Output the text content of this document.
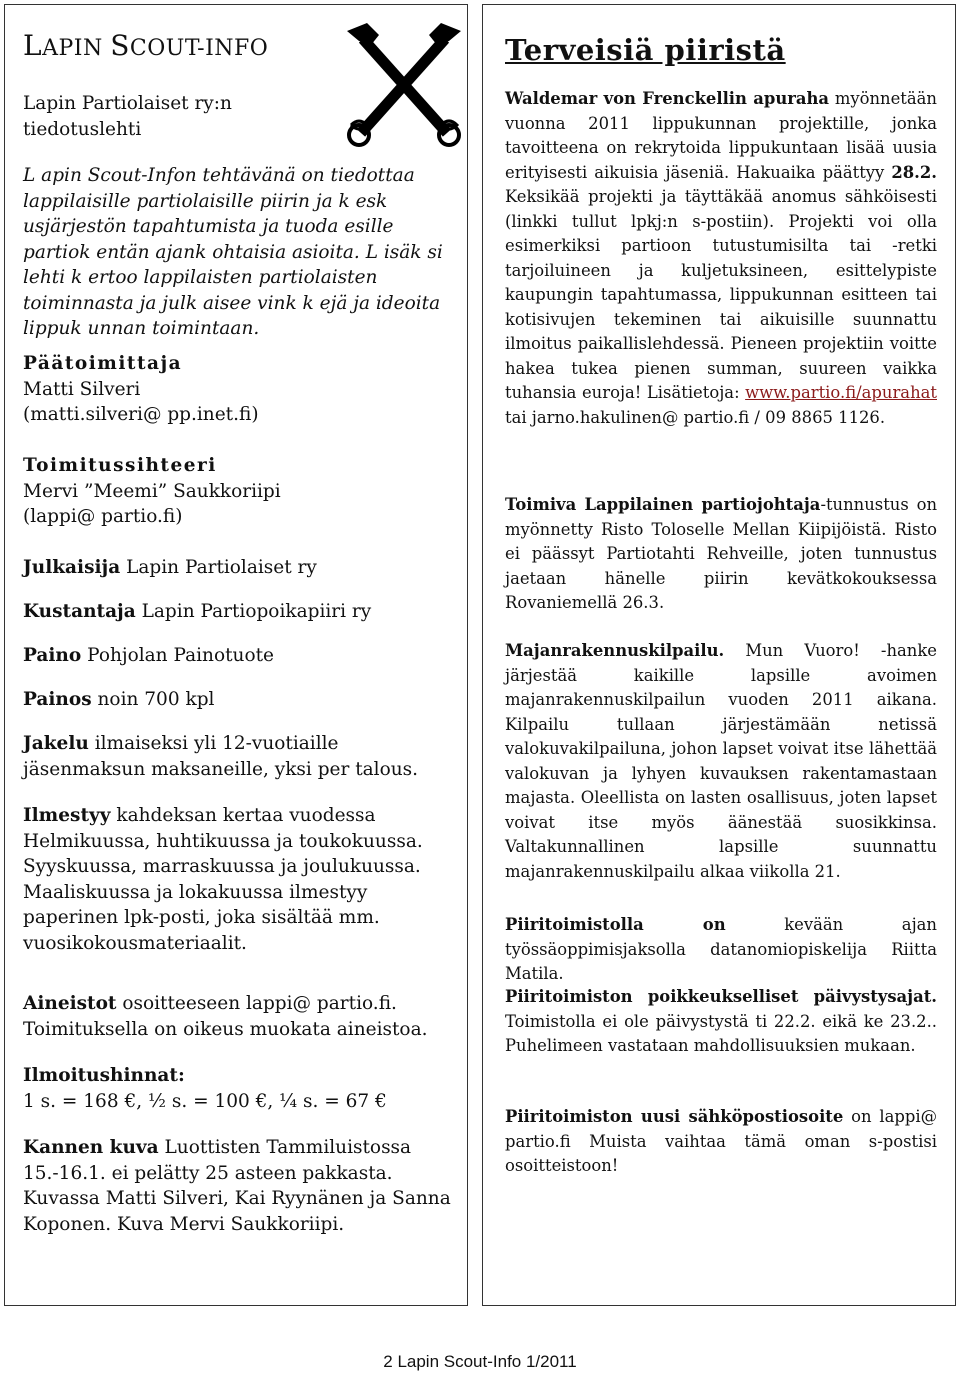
LAPIN SCOUT-INFO
Lapin Partiolaiset ry:n tiedotuslehti
L apin Scout-Infon tehtävänä on tiedottaa lappilaisille partiolaisille piirin ja k esk usjärjestön tapahtumista ja tuoda esille partiok entän ajank ohtaisia asioita. L isäk si lehti k ertoo lappilaisten partiolaisten toiminnasta ja julk aisee vink k ejä ja ideoita lippuk unnan toimintaan.
Päätoimittaja
Matti Silveri
(matti.silveri@ pp.inet.fi)
Toimitussihteeri
Mervi ”Meemi” Saukkoriipi
(lappi@ partio.fi)
Julkaisija Lapin Partiolaiset ry
Kustantaja Lapin Partiopoikapiiri ry
Paino Pohjolan Painotuote
Painos noin 700 kpl
Jakelu ilmaiseksi yli 12-vuotiaille jäsenmaksun maksaneille, yksi per talous.
Ilmestyy kahdeksan kertaa vuodessa
Helmikuussa, huhtikuussa ja toukokuussa.
Syyskuussa, marraskuussa ja joulukuussa.
Maaliskuussa ja lokakuussa ilmestyy paperinen lpk-posti, joka sisältää mm. vuosikokousmateriaalit.
Aineistot osoitteeseen lappi@ partio.fi. Toimituksella on oikeus muokata aineistoa.
Ilmoitushinnat:
1 s. = 168 €, ½ s. = 100 €, ¼ s. = 67 €
Kannen kuva Luottisten Tammiluistossa 15.-16.1. ei pelätty 25 asteen pakkasta. Kuvassa Matti Silveri, Kai Ryynänen ja Sanna Koponen. Kuva Mervi Saukkoriipi.
Terveisiä piiristä
Waldemar von Frenckellin apuraha myönnetään vuonna 2011 lippukunnan projektille, jonka tavoitteena on rekrytoida lippukuntaan lisää uusia erityisesti aikuisia jäseniä. Hakuaika päättyy 28.2. Keksikää projekti ja täyttäkää anomus sähköisesti (linkki tullut lpkj:n s-postiin). Projekti voi olla esimerkiksi partioon tutustumisilta tai -retki tarjoiluineen ja kuljetuksineen, esittelypiste kaupungin tapahtumassa, lippukunnan esitteen tai kotisivujen tekeminen tai aikuisille suunnattu ilmoitus paikallislehdessä. Pieneen projektiin voitte hakea tukea pienen summan, suureen vaikka tuhansia euroja! Lisätietoja: www.partio.fi/apurahat tai jarno.hakulinen@ partio.fi / 09 8865 1126.
Toimiva Lappilainen partiojohtaja-tunnustus on myönnetty Risto Toloselle Mellan Kiipijöistä. Risto ei päässyt Partiotahti Rehveille, joten tunnustus jaetaan hänelle piirin kevätkokouksessa Rovaniemellä 26.3.
Majanrakennuskilpailu. Mun Vuoro! -hanke järjestää kaikille lapsille avoimen majanrakennuskilpailun vuoden 2011 aikana. Kilpailu tullaan järjestämään netissä valokuvakilpailuna, johon lapset voivat itse lähettää valokuvan ja lyhyen kuvauksen rakentamastaan majasta. Oleellista on lasten osallisuus, joten lapset voivat itse myös äänestää suosikkinsa. Valtakunnallinen lapsille suunnattu majanrakennuskilpailu alkaa viikolla 21.
Piiritoimistolla on kevään ajan työssäoppimisjaksolla datanomiopiskelija Riitta Matila.
Piiritoimiston poikkeukselliset päivystysajat. Toimistolla ei ole päivystystä ti 22.2. eikä ke 23.2.. Puhelimeen vastataan mahdollisuuksien mukaan.
Piiritoimiston uusi sähköpostiosoite on lappi@ partio.fi Muista vaihtaa tämä oman s-postisi osoitteistoon!
2 Lapin Scout-Info 1/2011
